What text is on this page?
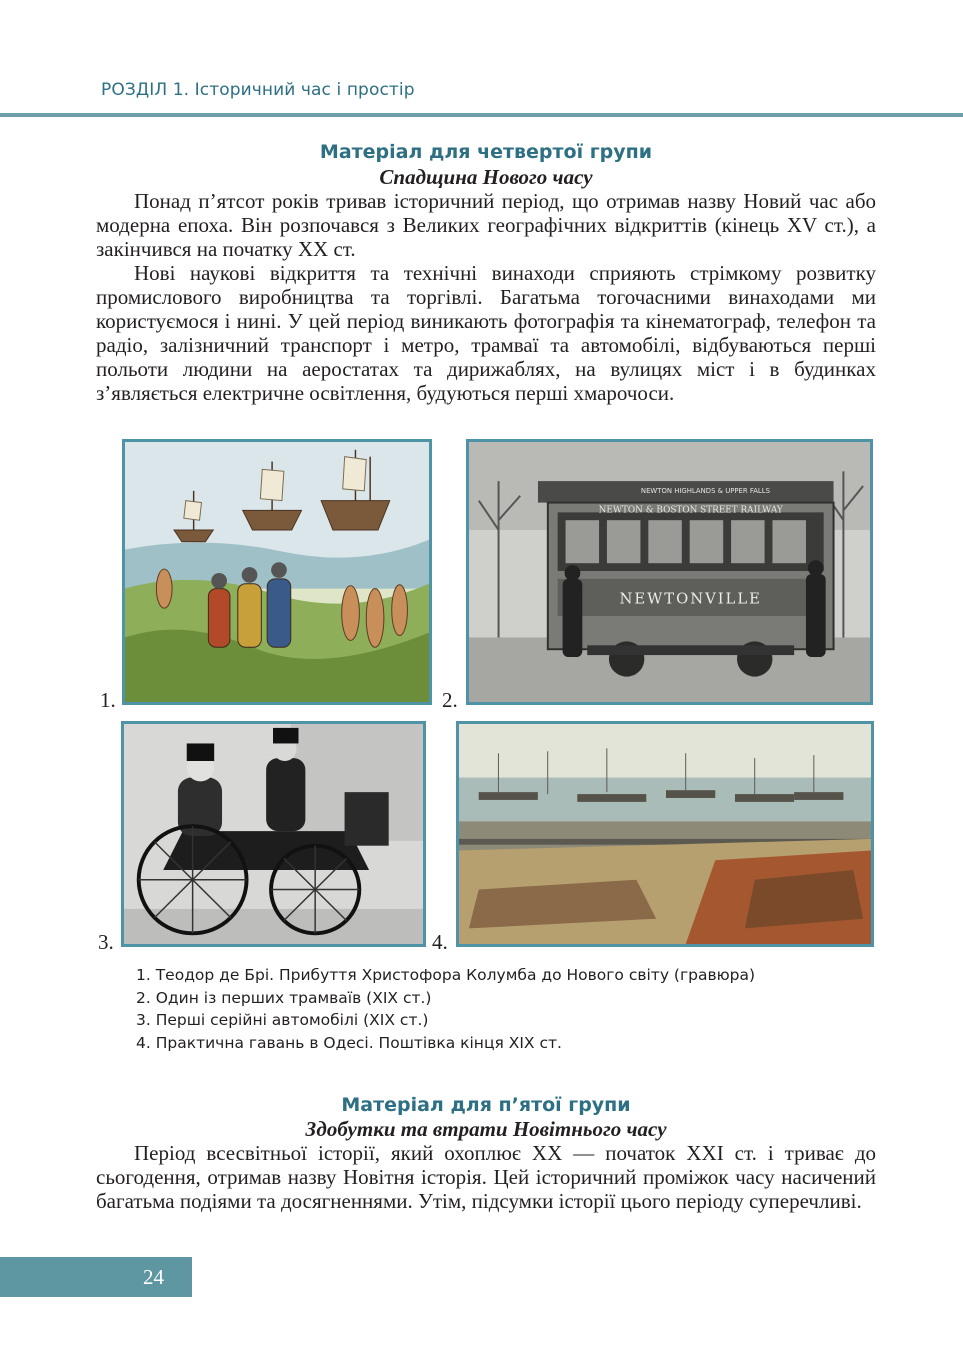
РОЗДІЛ 1. Історичний час і простір
Матеріал для четвертої групи
Спадщина Нового часу

Понад п’ятсот років тривав історичний період, що отримав назву Новий час або модерна епоха. Він розпочався з Великих географічних відкриттів (кінець XV ст.), а закінчився на початку XX ст.

Нові наукові відкриття та технічні винаходи сприяють стрімкому розвитку промислового виробництва та торгівлі. Багатьма тогочасними винаходами ми користуємося і нині. У цей період виникають фотографія та кінематограф, телефон та радіо, залізничний транспорт і метро, трамваї та автомобілі, відбуваються перші польоти людини на аеростатах та дирижаблях, на вулицях міст і в будинках з’являється електричне освітлення, будуються перші хмарочоси.

1.	2.
NEWTON HIGHLANDS & UPPER FALLS
NEWTON & BOSTON STREET RAILWAY
NEWTONVILLE
3.	4.
1. Теодор де Брі. Прибуття Христофора Колумба до Нового світу (гравюра)
2. Один із перших трамваїв (XIX ст.)
3. Перші серійні автомобілі (XIX ст.)
4. Практична гавань в Одесі. Поштівка кінця XIX ст.
Матеріал для п’ятої групи
Здобутки та втрати Новітнього часу

Період всесвітньої історії, який охоплює XX — початок XXI ст. і триває до сьогодення, отримав назву Новітня історія. Цей історичний проміжок часу насичений багатьма подіями та досягненнями. Утім, підсумки історії цього періоду суперечливі.

24
